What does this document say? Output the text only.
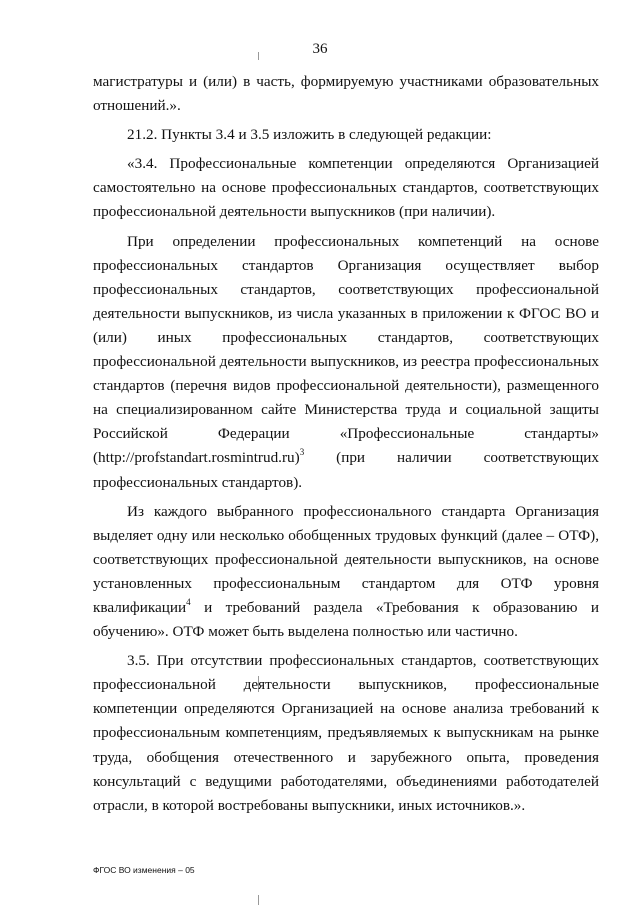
36

магистратуры и (или) в часть, формируемую участниками образовательных отношений.».

21.2. Пункты 3.4 и 3.5 изложить в следующей редакции:

«3.4. Профессиональные компетенции определяются Организацией самостоятельно на основе профессиональных стандартов, соответствующих профессиональной деятельности выпускников (при наличии).

При определении профессиональных компетенций на основе профессиональных стандартов Организация осуществляет выбор профессиональных стандартов, соответствующих профессиональной деятельности выпускников, из числа указанных в приложении к ФГОС ВО и (или) иных профессиональных стандартов, соответствующих профессиональной деятельности выпускников, из реестра профессиональных стандартов (перечня видов профессиональной деятельности), размещенного на специализированном сайте Министерства труда и социальной защиты Российской Федерации «Профессиональные стандарты» (http://profstandart.rosmintrud.ru)$^3$ (при наличии соответствующих профессиональных стандартов).

Из каждого выбранного профессионального стандарта Организация выделяет одну или несколько обобщенных трудовых функций (далее – ОТФ), соответствующих профессиональной деятельности выпускников, на основе установленных профессиональным стандартом для ОТФ уровня квалификации$^4$ и требований раздела «Требования к образованию и обучению». ОТФ может быть выделена полностью или частично.

3.5. При отсутствии профессиональных стандартов, соответствующих профессиональной деятельности выпускников, профессиональные компетенции определяются Организацией на основе анализа требований к профессиональным компетенциям, предъявляемых к выпускникам на рынке труда, обобщения отечественного и зарубежного опыта, проведения консультаций с ведущими работодателями, объединениями работодателей отрасли, в которой востребованы выпускники, иных источников.».

ФГОС ВО изменения – 05
